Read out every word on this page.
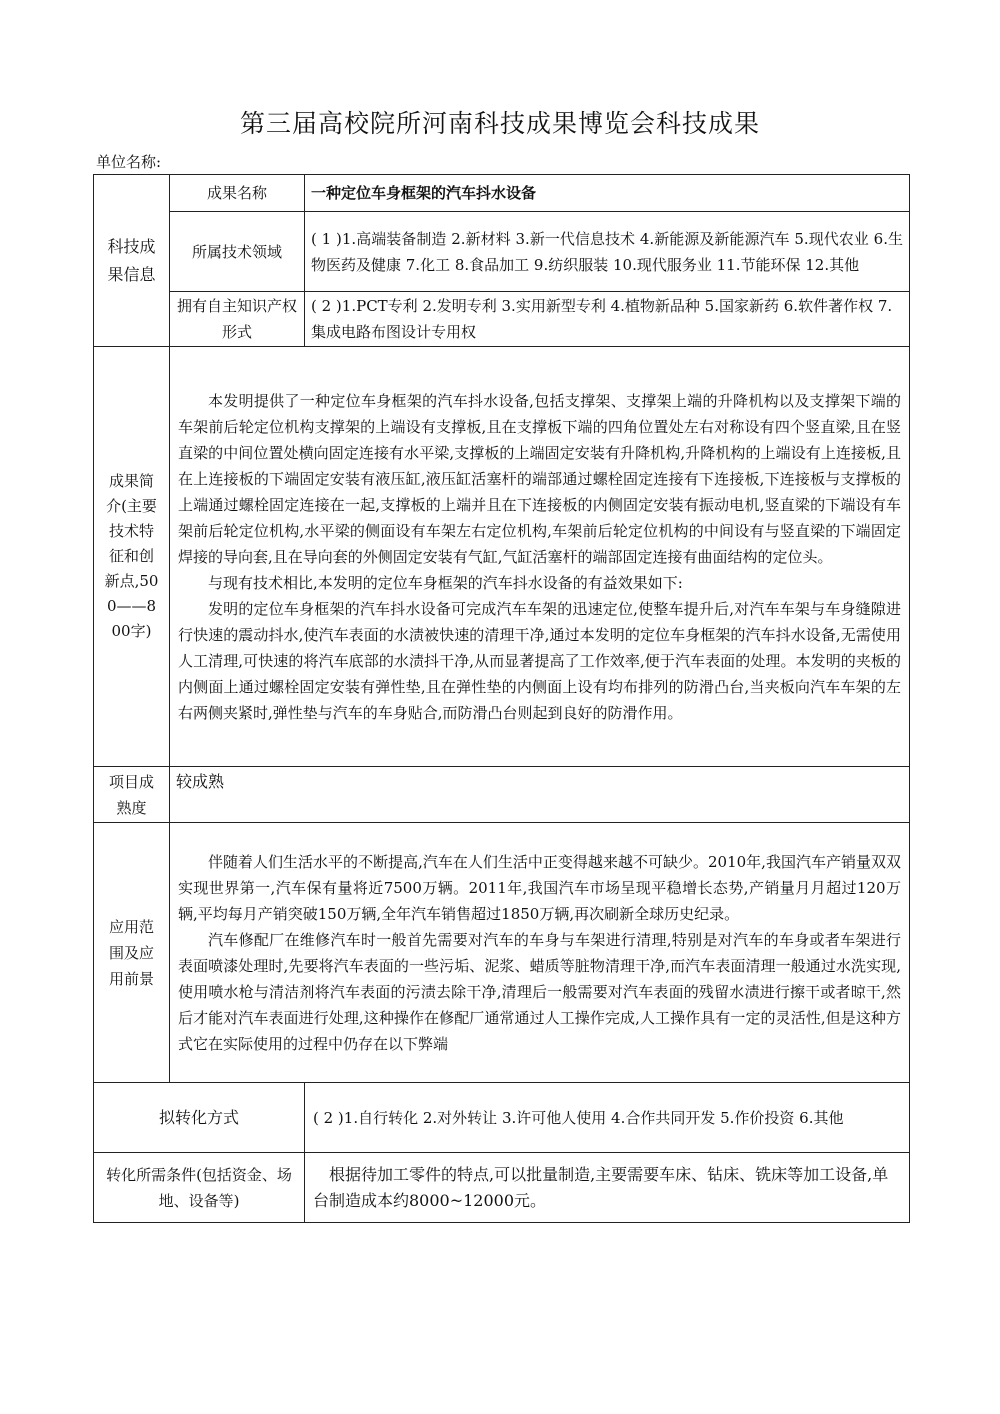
第三届高校院所河南科技成果博览会科技成果
单位名称:
科技成果信息	成果名称	一种定位车身框架的汽车抖水设备
	所属技术领域	( 1 )1.高端装备制造 2.新材料 3.新一代信息技术 4.新能源及新能源汽车 5.现代农业 6.生物医药及健康 7.化工 8.食品加工 9.纺织服装 10.现代服务业 11.节能环保 12.其他
	拥有自主知识产权形式	( 2 )1.PCT专利 2.发明专利 3.实用新型专利 4.植物新品种 5.国家新药 6.软件著作权 7. 集成电路布图设计专用权

成果简介(主要技术特征和创新点,500——800字)	本发明提供了一种定位车身框架的汽车抖水设备,包括支撑架、支撑架上端的升降机构以及支撑架下端的车架前后轮定位机构支撑架的上端设有支撑板,且在支撑板下端的四角位置处左右对称设有四个竖直梁,且在竖直梁的中间位置处横向固定连接有水平梁,支撑板的上端固定安装有升降机构,升降机构的上端设有上连接板,且在上连接板的下端固定安装有液压缸,液压缸活塞杆的端部通过螺栓固定连接有下连接板,下连接板与支撑板的上端通过螺栓固定连接在一起,支撑板的上端并且在下连接板的内侧固定安装有振动电机,竖直梁的下端设有车架前后轮定位机构,水平梁的侧面设有车架左右定位机构,车架前后轮定位机构的中间设有与竖直梁的下端固定焊接的导向套,且在导向套的外侧固定安装有气缸,气缸活塞杆的端部固定连接有曲面结构的定位头。

与现有技术相比,本发明的定位车身框架的汽车抖水设备的有益效果如下:

发明的定位车身框架的汽车抖水设备可完成汽车车架的迅速定位,使整车提升后,对汽车车架与车身缝隙进行快速的震动抖水,使汽车表面的水渍被快速的清理干净,通过本发明的定位车身框架的汽车抖水设备,无需使用人工清理,可快速的将汽车底部的水渍抖干净,从而显著提高了工作效率,便于汽车表面的处理。本发明的夹板的内侧面上通过螺栓固定安装有弹性垫,且在弹性垫的内侧面上设有均布排列的防滑凸台,当夹板向汽车车架的左右两侧夹紧时,弹性垫与汽车的车身贴合,而防滑凸台则起到良好的防滑作用。	

项目成熟度	较成熟	

应用范围及应用前景	伴随着人们生活水平的不断提高,汽车在人们生活中正变得越来越不可缺少。2010年,我国汽车产销量双双实现世界第一,汽车保有量将近7500万辆。2011年,我国汽车市场呈现平稳增长态势,产销量月月超过120万辆,平均每月产销突破150万辆,全年汽车销售超过1850万辆,再次刷新全球历史纪录。

汽车修配厂在维修汽车时一般首先需要对汽车的车身与车架进行清理,特别是对汽车的车身或者车架进行表面喷漆处理时,先要将汽车表面的一些污垢、泥浆、蜡质等脏物清理干净,而汽车表面清理一般通过水洗实现,使用喷水枪与清洁剂将汽车表面的污渍去除干净,清理后一般需要对汽车表面的残留水渍进行擦干或者晾干,然后才能对汽车表面进行处理,这种操作在修配厂通常通过人工操作完成,人工操作具有一定的灵活性,但是这种方式它在实际使用的过程中仍存在以下弊端	

拟转化方式		( 2 )1.自行转化 2.对外转让 3.许可他人使用 4.合作共同开发 5.作价投资 6.其他
转化所需条件(包括资金、场地、设备等)		根据待加工零件的特点,可以批量制造,主要需要车床、钻床、铣床等加工设备,单台制造成本约8000~12000元。
